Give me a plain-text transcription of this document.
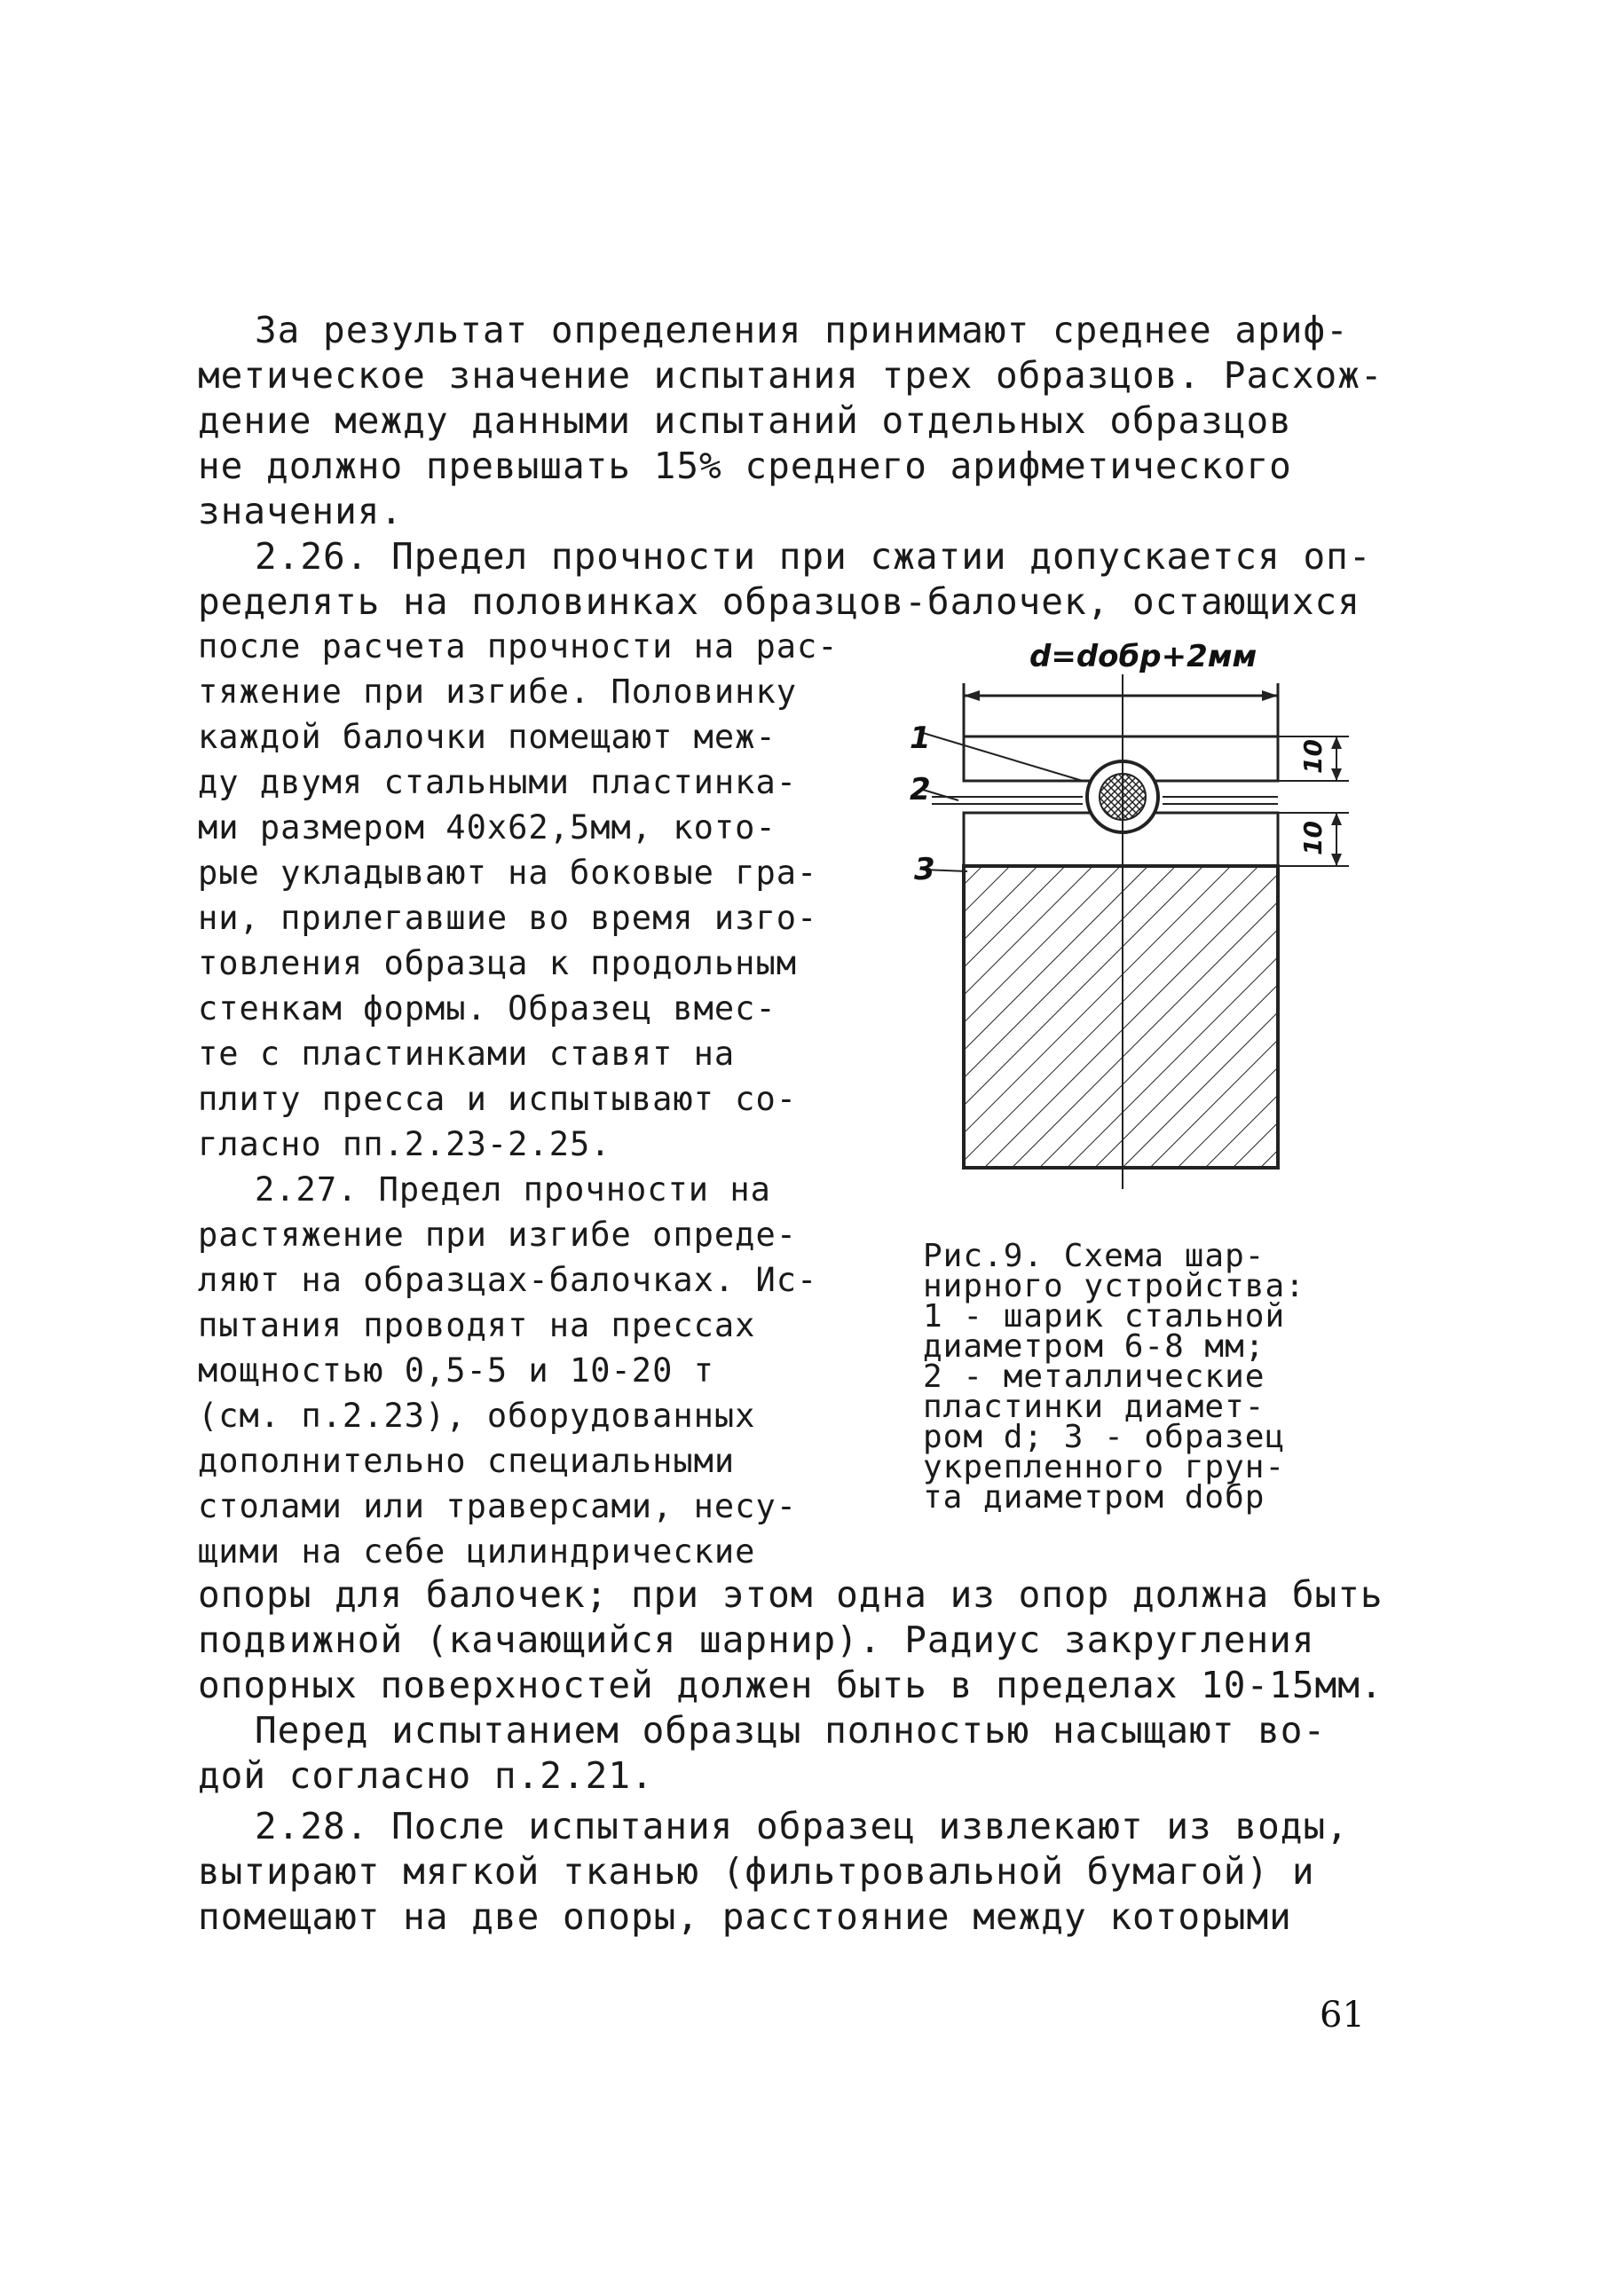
За результат определения принимают среднее ариф-
метическое значение испытания трех образцов. Расхож-
дение между данными испытаний отдельных образцов
не должно превышать 15% среднего арифметического
значения.
2.26. Предел прочности при сжатии допускается оп-
ределять на половинках образцов-балочек, остающихся
после расчета прочности на рас-
тяжение при изгибе. Половинку
каждой балочки помещают меж-
ду двумя стальными пластинка-
ми размером 40х62,5мм, кото-
рые укладывают на боковые гра-
ни, прилегавшие во время изго-
товления образца к продольным
стенкам формы. Образец вмес-
те с пластинками ставят на
плиту пресса и испытывают со-
гласно пп.2.23-2.25.
2.27. Предел прочности на
растяжение при изгибе опреде-
ляют на образцах-балочках. Ис-
пытания проводят на прессах
мощностью 0,5-5 и 10-20 т
(см. п.2.23), оборудованных
дополнительно специальными
столами или траверсами, несу-
щими на себе цилиндрические
d=dобр+2мм
1
2
3
10
10
Рис.9. Схема шар-
нирного устройства:
1 - шарик стальной
диаметром 6-8 мм;
2 - металлические
пластинки диамет-
ром d; 3 - образец
укрепленного грун-
та диаметром dобр
опоры для балочек; при этом одна из опор должна быть
подвижной (качающийся шарнир). Радиус закругления
опорных поверхностей должен быть в пределах 10-15мм.
Перед испытанием образцы полностью насыщают во-
дой согласно п.2.21.
2.28. После испытания образец извлекают из воды,
вытирают мягкой тканью (фильтровальной бумагой) и
помещают на две опоры, расстояние между которыми
61
